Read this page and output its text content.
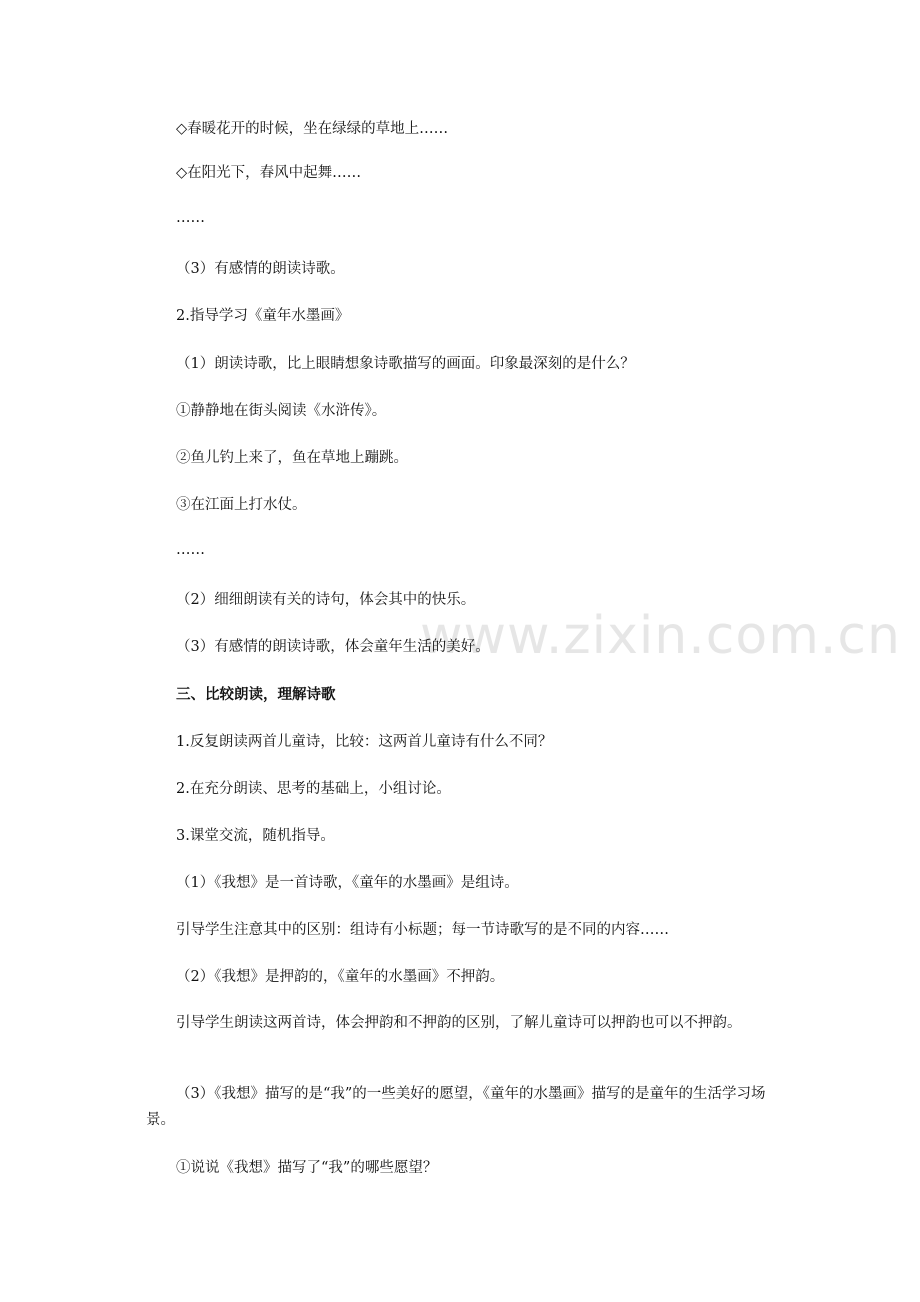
www.zixin.com.cn

◇春暖花开的时候，坐在绿绿的草地上……

◇在阳光下，春风中起舞……

……

（3）有感情的朗读诗歌。

2.指导学习《童年水墨画》

（1）朗读诗歌，比上眼睛想象诗歌描写的画面。印象最深刻的是什么？

①静静地在街头阅读《水浒传》。

②鱼儿钓上来了，鱼在草地上蹦跳。

③在江面上打水仗。

……

（2）细细朗读有关的诗句，体会其中的快乐。

（3）有感情的朗读诗歌，体会童年生活的美好。

三、比较朗读，理解诗歌

1.反复朗读两首儿童诗，比较：这两首儿童诗有什么不同？

2.在充分朗读、思考的基础上，小组讨论。

3.课堂交流，随机指导。

（1）《我想》是一首诗歌，《童年的水墨画》是组诗。

引导学生注意其中的区别：组诗有小标题；每一节诗歌写的是不同的内容……

（2）《我想》是押韵的，《童年的水墨画》不押韵。

引导学生朗读这两首诗，体会押韵和不押韵的区别，了解儿童诗可以押韵也可以不押韵。

（3）《我想》描写的是“我”的一些美好的愿望，《童年的水墨画》描写的是童年的生活学习场景。

①说说《我想》描写了“我”的哪些愿望？
